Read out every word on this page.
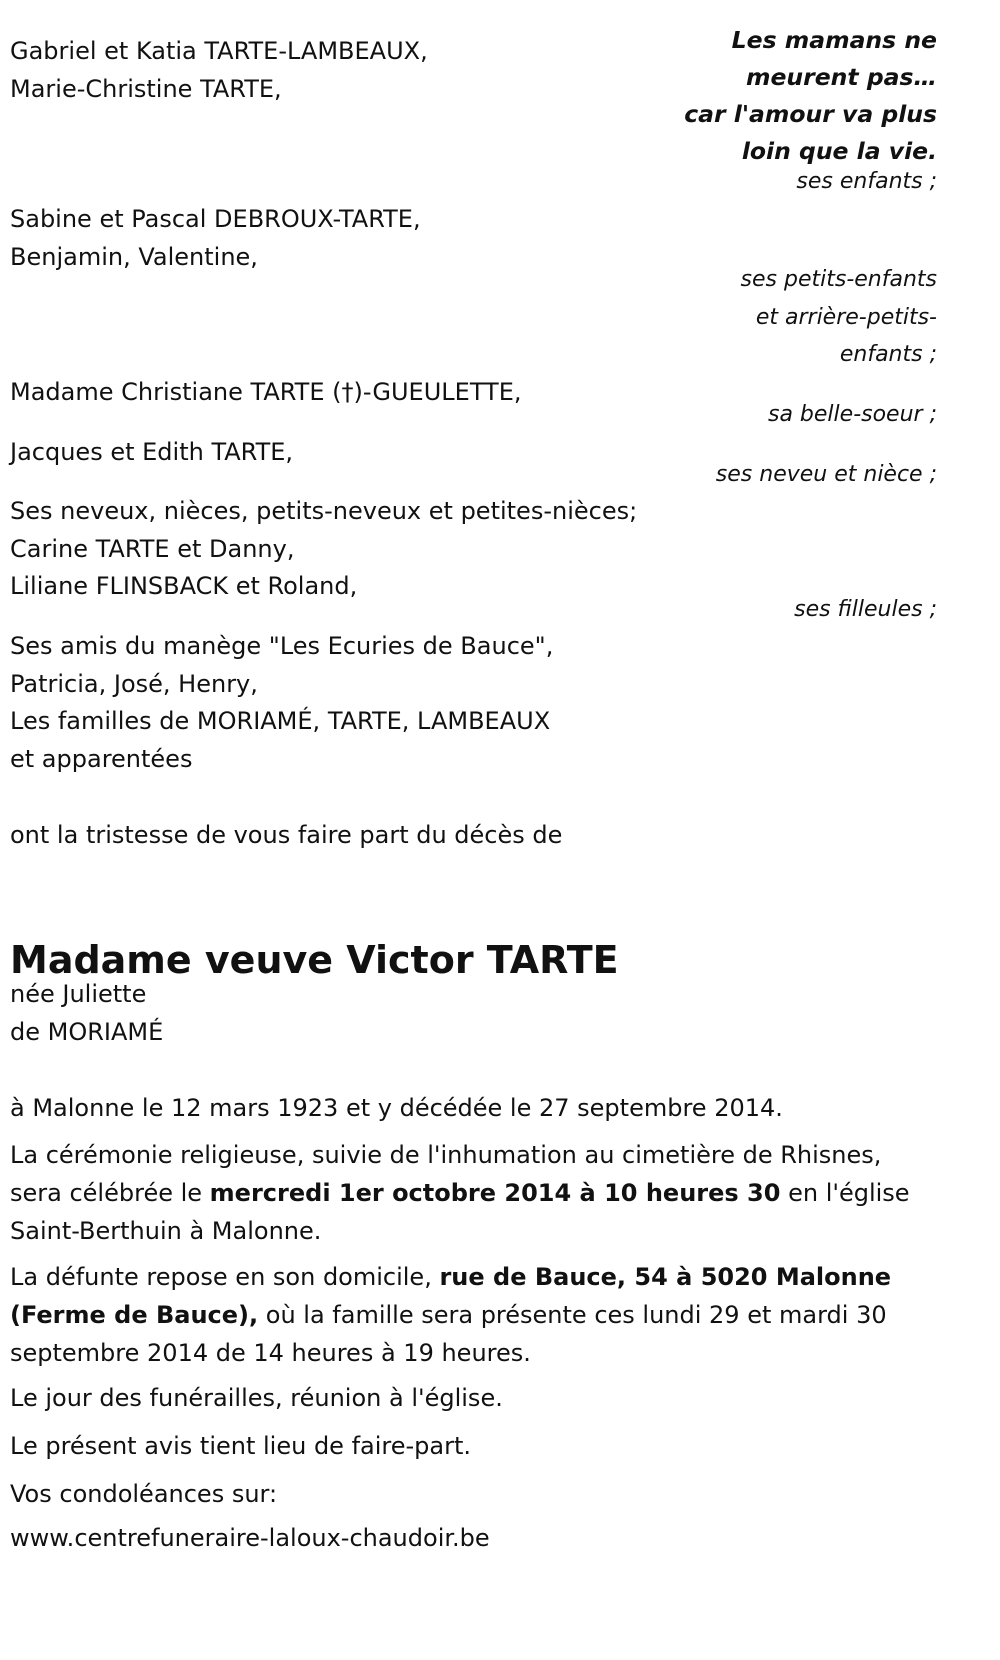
Les mamans ne
meurent pas…
car l'amour va plus
loin que la vie.
Gabriel et Katia TARTE-LAMBEAUX,
Marie-Christine TARTE,
ses enfants ;
Sabine et Pascal DEBROUX-TARTE,
Benjamin, Valentine,
ses petits-enfants
et arrière-petits-
enfants ;
Madame Christiane TARTE (†)-GUEULETTE,
sa belle-soeur ;
Jacques et Edith TARTE,
ses neveu et nièce ;
Ses neveux, nièces, petits-neveux et petites-nièces;
Carine TARTE et Danny,
Liliane FLINSBACK et Roland,
ses filleules ;
Ses amis du manège "Les Ecuries de Bauce",
Patricia, José, Henry,
Les familles de MORIAMÉ, TARTE, LAMBEAUX
et apparentées
ont la tristesse de vous faire part du décès de
Madame veuve Victor TARTE
née Juliette
de MORIAMÉ
à Malonne le 12 mars 1923 et y décédée le 27 septembre 2014.
La cérémonie religieuse, suivie de l'inhumation au cimetière de Rhisnes,
sera célébrée le mercredi 1er octobre 2014 à 10 heures 30 en l'église
Saint-Berthuin à Malonne.
La défunte repose en son domicile, rue de Bauce, 54 à 5020 Malonne
(Ferme de Bauce), où la famille sera présente ces lundi 29 et mardi 30
septembre 2014 de 14 heures à 19 heures.
Le jour des funérailles, réunion à l'église.
Le présent avis tient lieu de faire-part.
Vos condoléances sur:
www.centrefuneraire-laloux-chaudoir.be
